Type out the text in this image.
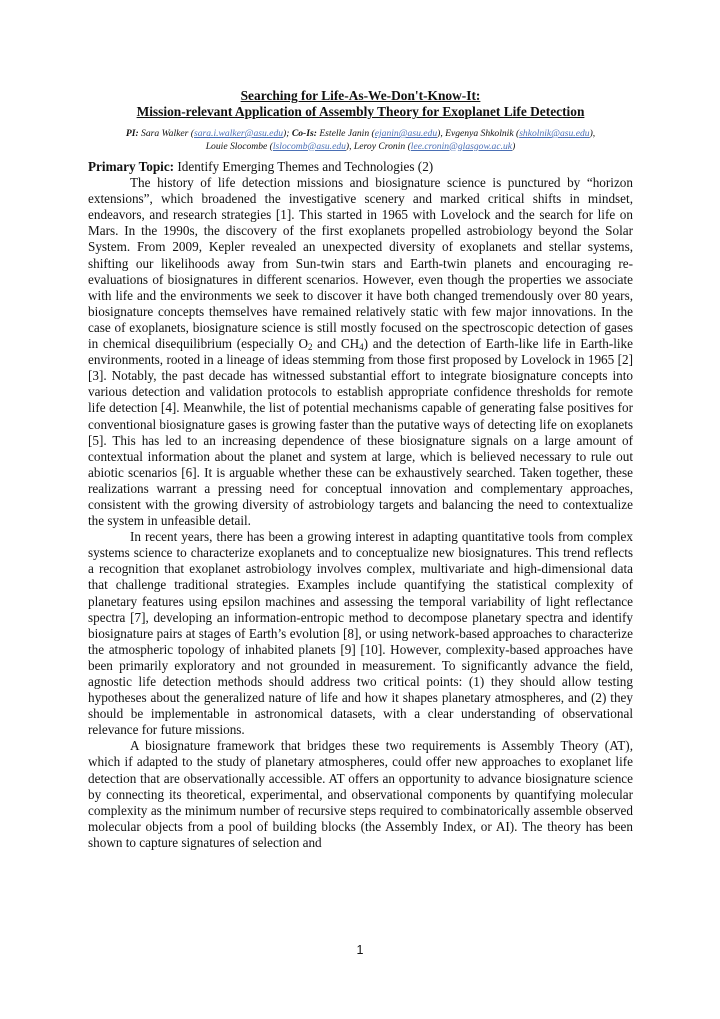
Searching for Life-As-We-Don't-Know-It:
Mission-relevant Application of Assembly Theory for Exoplanet Life Detection
PI: Sara Walker (sara.i.walker@asu.edu); Co-Is: Estelle Janin (ejanin@asu.edu), Evgenya Shkolnik (shkolnik@asu.edu),
Louie Slocombe (lslocomb@asu.edu), Leroy Cronin (lee.cronin@glasgow.ac.uk)
Primary Topic: Identify Emerging Themes and Technologies (2)

The history of life detection missions and biosignature science is punctured by “horizon extensions”, which broadened the investigative scenery and marked critical shifts in mindset, endeavors, and research strategies [1]. This started in 1965 with Lovelock and the search for life on Mars. In the 1990s, the discovery of the first exoplanets propelled astrobiology beyond the Solar System. From 2009, Kepler revealed an unexpected diversity of exoplanets and stellar systems, shifting our likelihoods away from Sun-twin stars and Earth-twin planets and encouraging re-evaluations of biosignatures in different scenarios. However, even though the properties we associate with life and the environments we seek to discover it have both changed tremendously over 80 years, biosignature concepts themselves have remained relatively static with few major innovations. In the case of exoplanets, biosignature science is still mostly focused on the spectroscopic detection of gases in chemical disequilibrium (especially $O_2$ and $CH_4$) and the detection of Earth-like life in Earth-like environments, rooted in a lineage of ideas stemming from those first proposed by Lovelock in 1965 [2] [3]. Notably, the past decade has witnessed substantial effort to integrate biosignature concepts into various detection and validation protocols to establish appropriate confidence thresholds for remote life detection [4]. Meanwhile, the list of potential mechanisms capable of generating false positives for conventional biosignature gases is growing faster than the putative ways of detecting life on exoplanets [5]. This has led to an increasing dependence of these biosignature signals on a large amount of contextual information about the planet and system at large, which is believed necessary to rule out abiotic scenarios [6]. It is arguable whether these can be exhaustively searched. Taken together, these realizations warrant a pressing need for conceptual innovation and complementary approaches, consistent with the growing diversity of astrobiology targets and balancing the need to contextualize the system in unfeasible detail.

In recent years, there has been a growing interest in adapting quantitative tools from complex systems science to characterize exoplanets and to conceptualize new biosignatures. This trend reflects a recognition that exoplanet astrobiology involves complex, multivariate and high-dimensional data that challenge traditional strategies. Examples include quantifying the statistical complexity of planetary features using epsilon machines and assessing the temporal variability of light reflectance spectra [7], developing an information-entropic method to decompose planetary spectra and identify biosignature pairs at stages of Earth’s evolution [8], or using network-based approaches to characterize the atmospheric topology of inhabited planets [9] [10]. However, complexity-based approaches have been primarily exploratory and not grounded in measurement. To significantly advance the field, agnostic life detection methods should address two critical points: (1) they should allow testing hypotheses about the generalized nature of life and how it shapes planetary atmospheres, and (2) they should be implementable in astronomical datasets, with a clear understanding of observational relevance for future missions.

A biosignature framework that bridges these two requirements is Assembly Theory (AT), which if adapted to the study of planetary atmospheres, could offer new approaches to exoplanet life detection that are observationally accessible. AT offers an opportunity to advance biosignature science by connecting its theoretical, experimental, and observational components by quantifying molecular complexity as the minimum number of recursive steps required to combinatorically assemble observed molecular objects from a pool of building blocks (the Assembly Index, or AI). The theory has been shown to capture signatures of selection and

1
